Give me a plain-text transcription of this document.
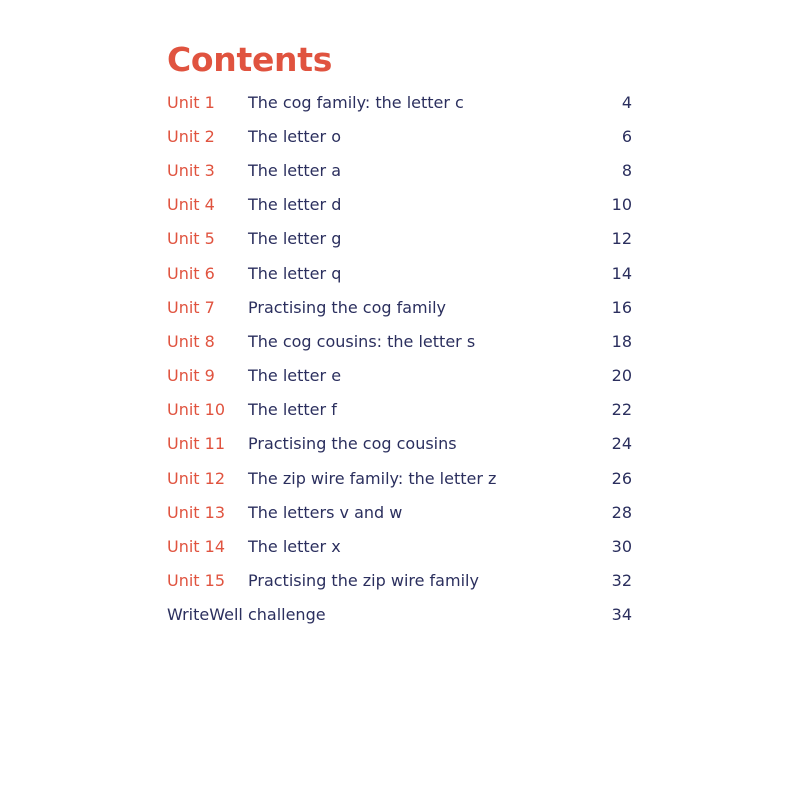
Contents
Unit 1	The cog family: the letter c	4
Unit 2	The letter o	6
Unit 3	The letter a	8
Unit 4	The letter d	10
Unit 5	The letter g	12
Unit 6	The letter q	14
Unit 7	Practising the cog family	16
Unit 8	The cog cousins: the letter s	18
Unit 9	The letter e	20
Unit 10	The letter f	22
Unit 11	Practising the cog cousins	24
Unit 12	The zip wire family: the letter z	26
Unit 13	The letters v and w	28
Unit 14	The letter x	30
Unit 15	Practising the zip wire family	32
WriteWell challenge	34
